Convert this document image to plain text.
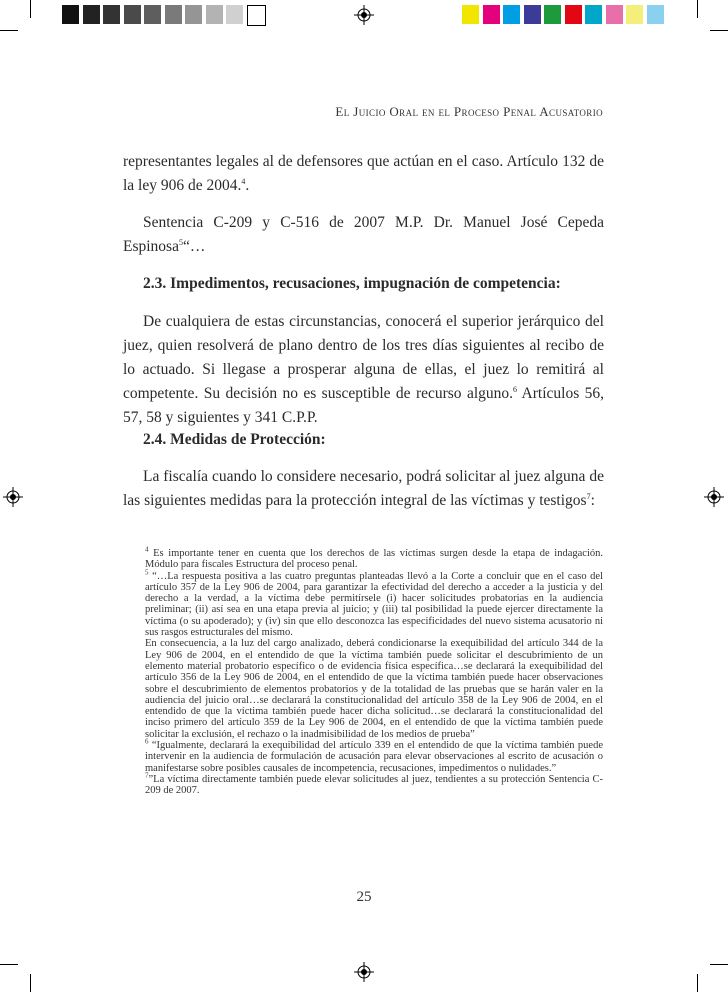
El Juicio Oral en el Proceso Penal Acusatorio

representantes legales al de defensores que actúan en el caso. Artículo 132 de la ley 906 de 2004.$^4$.

Sentencia C-209 y C-516 de 2007 M.P. Dr. Manuel José Cepeda Espinosa$^5$“…

2.3. Impedimentos, recusaciones, impugnación de competencia:

De cualquiera de estas circunstancias, conocerá el superior jerárquico del juez, quien resolverá de plano dentro de los tres días siguientes al recibo de lo actuado. Si llegase a prosperar alguna de ellas, el juez lo remitirá al competente. Su decisión no es susceptible de recurso alguno.$^6$ Artículos 56, 57, 58 y siguientes y 341 C.P.P.

2.4. Medidas de Protección:

La fiscalía cuando lo considere necesario, podrá solicitar al juez alguna de las siguientes medidas para la protección integral de las víctimas y testigos$^7$:

$^4$ Es importante tener en cuenta que los derechos de las víctimas surgen desde la etapa de indagación. Módulo para fiscales Estructura del proceso penal.

$^5$ “…La respuesta positiva a las cuatro preguntas planteadas llevó a la Corte a concluir que en el caso del artículo 357 de la Ley 906 de 2004, para garantizar la efectividad del derecho a acceder a la justicia y del derecho a la verdad, a la víctima debe permitírsele (i) hacer solicitudes probatorias en la audiencia preliminar; (ii) así sea en una etapa previa al juicio; y (iii) tal posibilidad la puede ejercer directamente la víctima (o su apoderado); y (iv) sin que ello desconozca las especificidades del nuevo sistema acusatorio ni sus rasgos estructurales del mismo.

En consecuencia, a la luz del cargo analizado, deberá condicionarse la exequibilidad del artículo 344 de la Ley 906 de 2004, en el entendido de que la víctima también puede solicitar el descubrimiento de un elemento material probatorio específico o de evidencia física específica…se declarará la exequibilidad del artículo 356 de la Ley 906 de 2004, en el entendido de que la víctima también puede hacer observaciones sobre el descubrimiento de elementos probatorios y de la totalidad de las pruebas que se harán valer en la audiencia del juicio oral…se declarará la constitucionalidad del artículo 358 de la Ley 906 de 2004, en el entendido de que la víctima también puede hacer dicha solicitud…se declarará la constitucionalidad del inciso primero del artículo 359 de la Ley 906 de 2004, en el entendido de que la víctima también puede solicitar la exclusión, el rechazo o la inadmisibilidad de los medios de prueba”

$^6$ “Igualmente, declarará la exequibilidad del artículo 339 en el entendido de que la víctima también puede intervenir en la audiencia de formulación de acusación para elevar observaciones al escrito de acusación o manifestarse sobre posibles causales de incompetencia, recusaciones, impedimentos o nulidades.”

$^7$”La víctima directamente también puede elevar solicitudes al juez, tendientes a su protección Sentencia C-209 de 2007.

25
